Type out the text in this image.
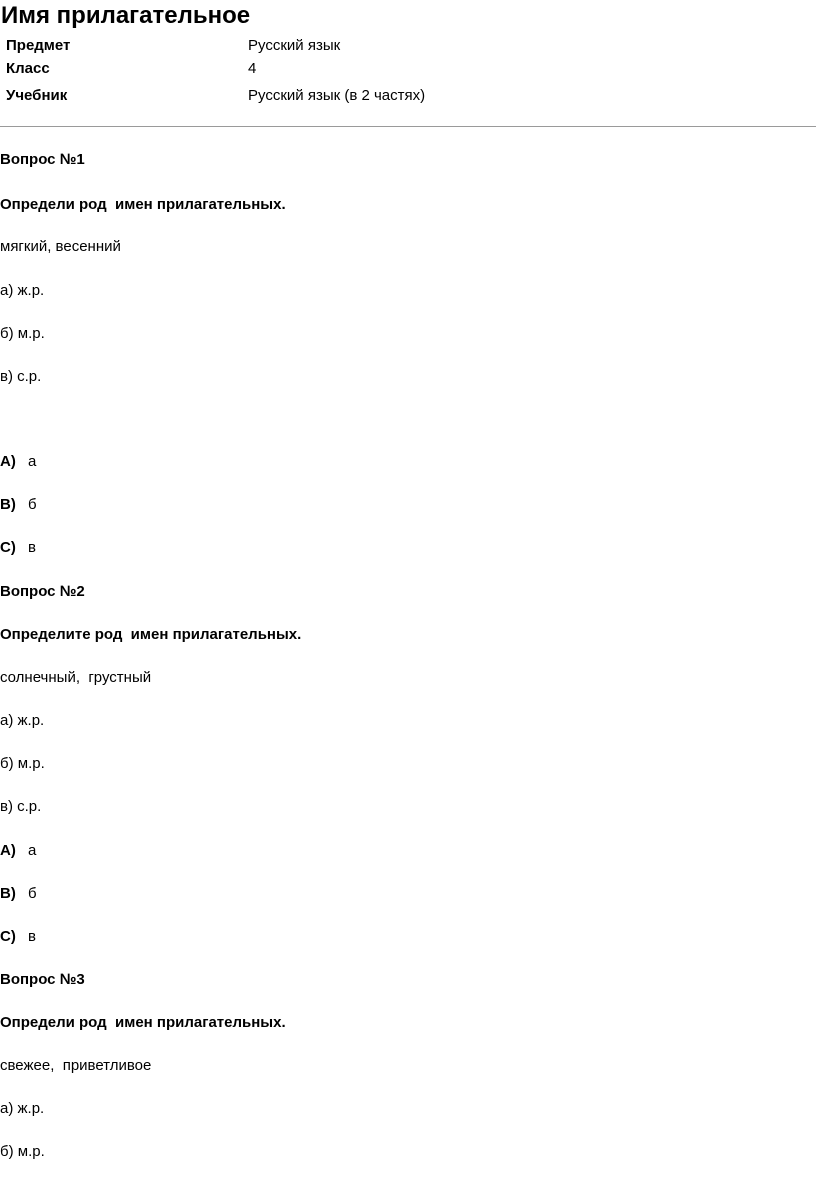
Имя прилагательное
Предмет	Русский язык
Класс	4
Учебник	Русский язык (в 2 частях)
Вопрос №1
Определи род  имен прилагательных.
мягкий, весенний
а) ж.р.
б) м.р.
в) с.р.
A) а
B) б
C) в
Вопрос №2
Определите род  имен прилагательных.
солнечный,  грустный
а) ж.р.
б) м.р.
в) с.р.
A) а
B) б
C) в
Вопрос №3
Определи род  имен прилагательных.
свежее,  приветливое
а) ж.р.
б) м.р.
